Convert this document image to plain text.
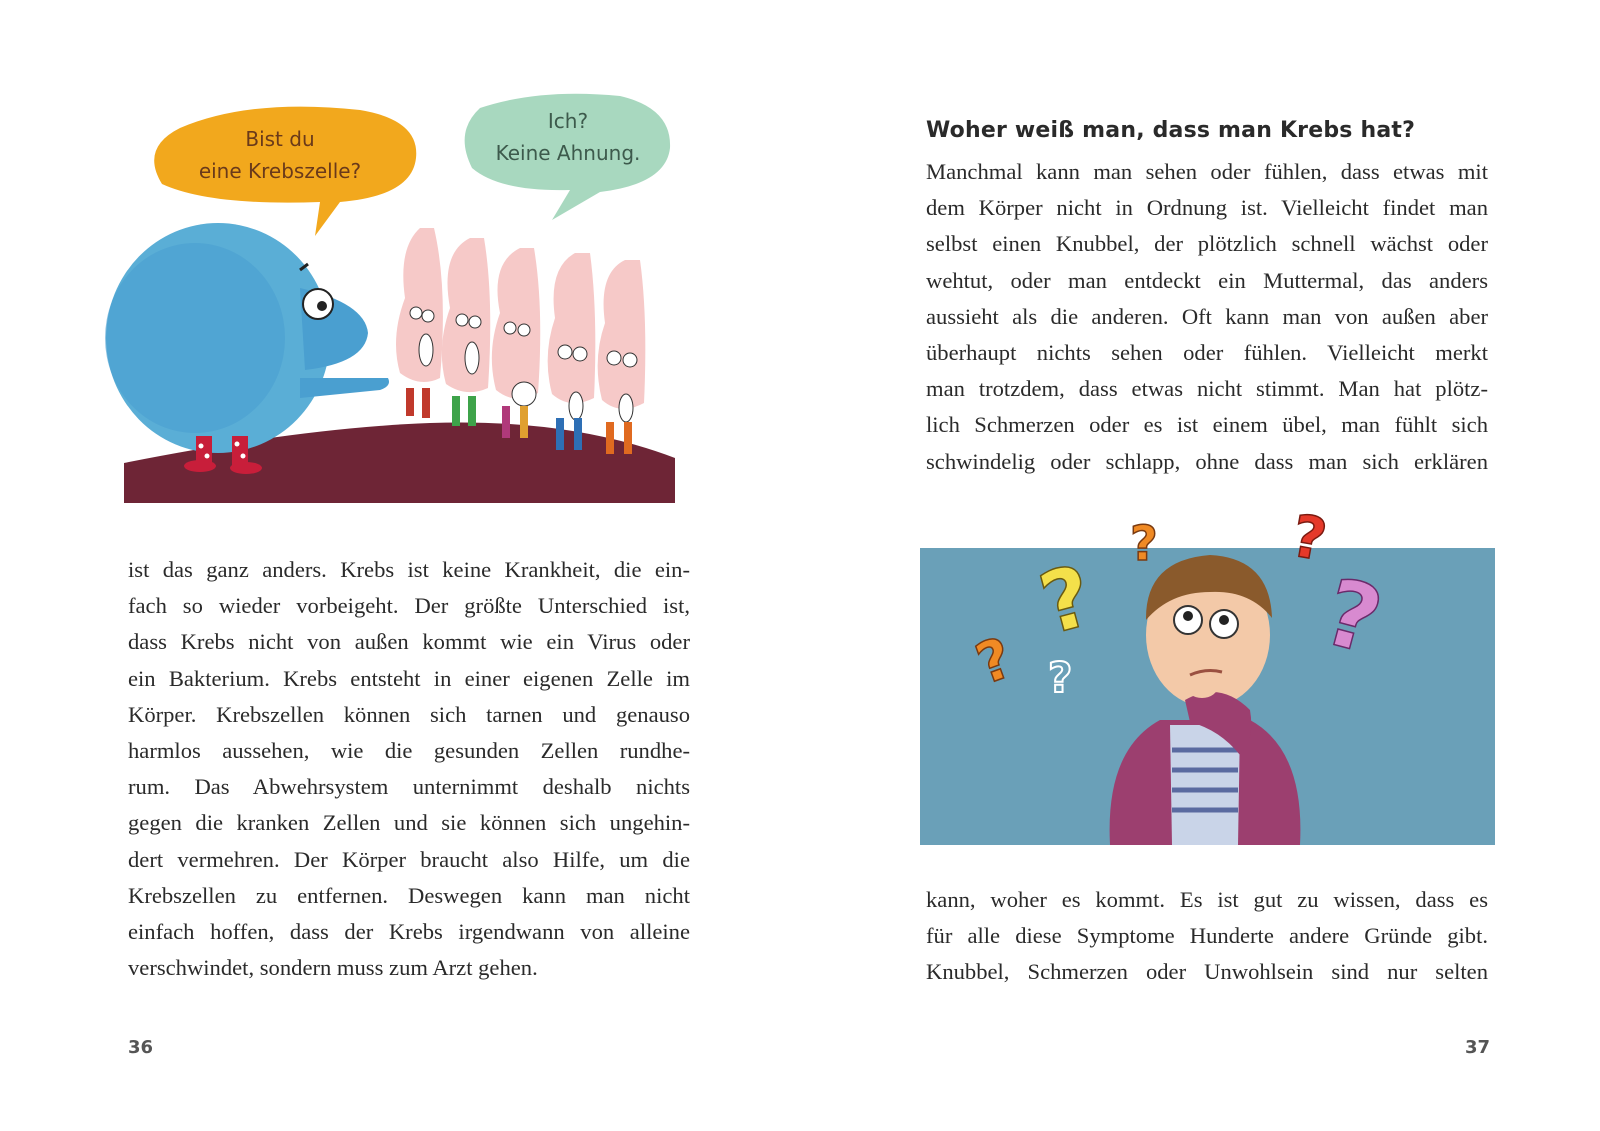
Bist du
eine Krebszelle?
Ich?
Keine Ahnung.

ist das ganz anders. Krebs ist keine Krankheit, die ein-
fach so wieder vorbeigeht. Der größte Unterschied ist,
dass Krebs nicht von außen kommt wie ein Virus oder
ein Bakterium. Krebs entsteht in einer eigenen Zelle im
Körper. Krebszellen können sich tarnen und genauso
harmlos aussehen, wie die gesunden Zellen rundhe-
rum. Das Abwehrsystem unternimmt deshalb nichts
gegen die kranken Zellen und sie können sich ungehin-
dert vermehren. Der Körper braucht also Hilfe, um die
Krebszellen zu entfernen. Deswegen kann man nicht
einfach hoffen, dass der Krebs irgendwann von alleine
verschwindet, sondern muss zum Arzt gehen.

36

Woher weiß man, dass man Krebs hat?

Manchmal kann man sehen oder fühlen, dass etwas mit
dem Körper nicht in Ordnung ist. Vielleicht findet man
selbst einen Knubbel, der plötzlich schnell wächst oder
wehtut, oder man entdeckt ein Muttermal, das anders
aussieht als die anderen. Oft kann man von außen aber
überhaupt nichts sehen oder fühlen. Vielleicht merkt
man trotzdem, dass etwas nicht stimmt. Man hat plötz-
lich Schmerzen oder es ist einem übel, man fühlt sich
schwindelig oder schlapp, ohne dass man sich erklären

?
?
? ?
?
?

kann, woher es kommt. Es ist gut zu wissen, dass es
für alle diese Symptome Hunderte andere Gründe gibt.
Knubbel, Schmerzen oder Unwohlsein sind nur selten

37
